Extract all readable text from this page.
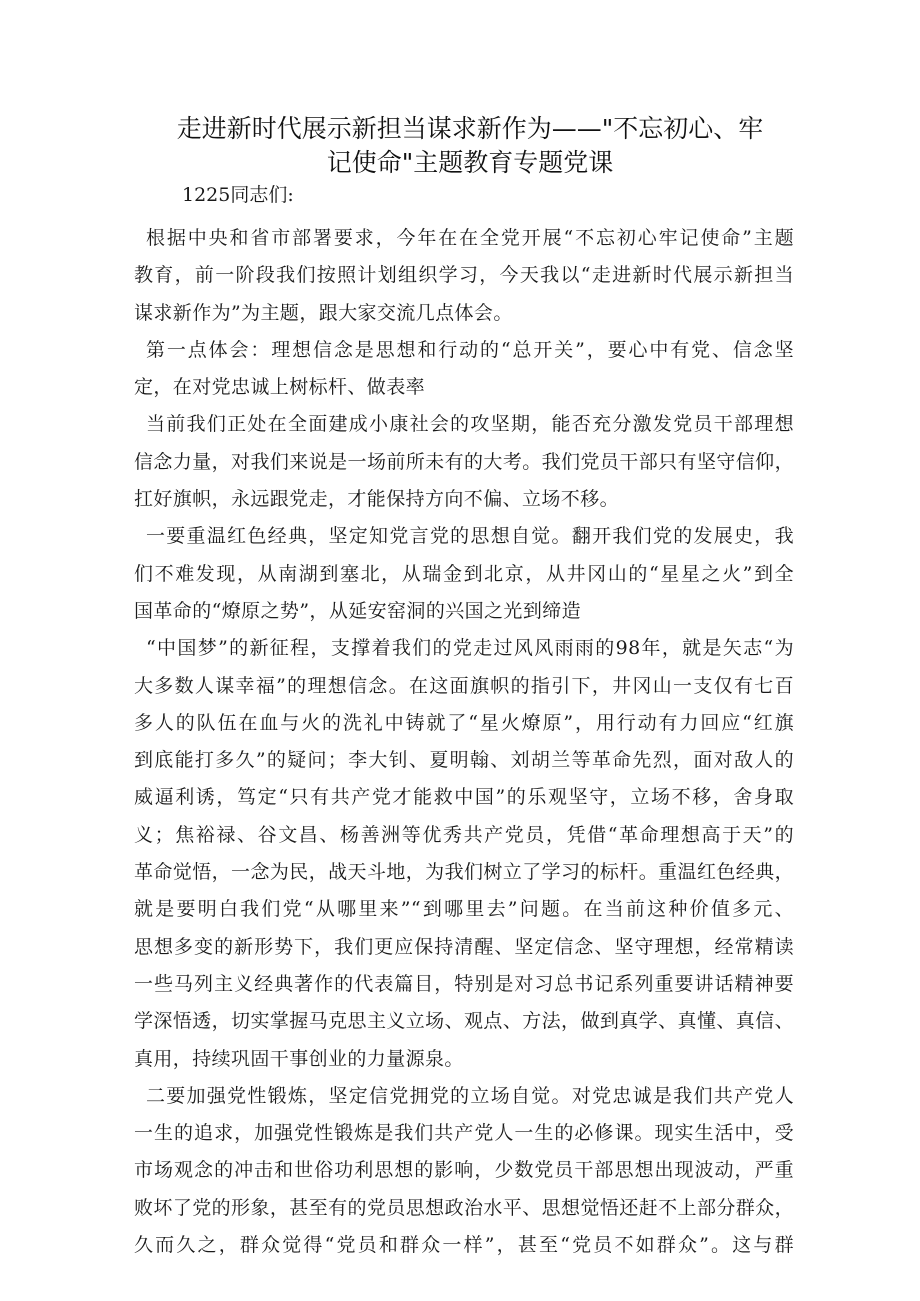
走进新时代展示新担当谋求新作为——"不忘初心、牢
记使命"主题教育专题党课

1225同志们:

根据中央和省市部署要求，今年在在全党开展“不忘初心牢记使命”主题
教育，前一阶段我们按照计划组织学习，今天我以“走进新时代展示新担当
谋求新作为”为主题，跟大家交流几点体会。
第一点体会：理想信念是思想和行动的“总开关”，要心中有党、信念坚
定，在对党忠诚上树标杆、做表率
当前我们正处在全面建成小康社会的攻坚期，能否充分激发党员干部理想
信念力量，对我们来说是一场前所未有的大考。我们党员干部只有坚守信仰，
扛好旗帜，永远跟党走，才能保持方向不偏、立场不移。
一要重温红色经典，坚定知党言党的思想自觉。翻开我们党的发展史，我
们不难发现，从南湖到塞北，从瑞金到北京，从井冈山的“星星之火”到全
国革命的“燎原之势”，从延安窑洞的兴国之光到缔造
“中国梦”的新征程，支撑着我们的党走过风风雨雨的98年，就是矢志“为
大多数人谋幸福”的理想信念。在这面旗帜的指引下，井冈山一支仅有七百
多人的队伍在血与火的洗礼中铸就了“星火燎原”，用行动有力回应“红旗
到底能打多久”的疑问；李大钊、夏明翰、刘胡兰等革命先烈，面对敌人的
威逼利诱，笃定“只有共产党才能救中国”的乐观坚守，立场不移，舍身取
义；焦裕禄、谷文昌、杨善洲等优秀共产党员，凭借“革命理想高于天”的
革命觉悟，一念为民，战天斗地，为我们树立了学习的标杆。重温红色经典，
就是要明白我们党“从哪里来”“到哪里去”问题。在当前这种价值多元、
思想多变的新形势下，我们更应保持清醒、坚定信念、坚守理想，经常精读
一些马列主义经典著作的代表篇目，特别是对习总书记系列重要讲话精神要
学深悟透，切实掌握马克思主义立场、观点、方法，做到真学、真懂、真信、
真用，持续巩固干事创业的力量源泉。
二要加强党性锻炼，坚定信党拥党的立场自觉。对党忠诚是我们共产党人
一生的追求，加强党性锻炼是我们共产党人一生的必修课。现实生活中，受
市场观念的冲击和世俗功利思想的影响，少数党员干部思想出现波动，严重
败坏了党的形象，甚至有的党员思想政治水平、思想觉悟还赶不上部分群众，
久而久之，群众觉得“党员和群众一样”，甚至“党员不如群众”。这与群
